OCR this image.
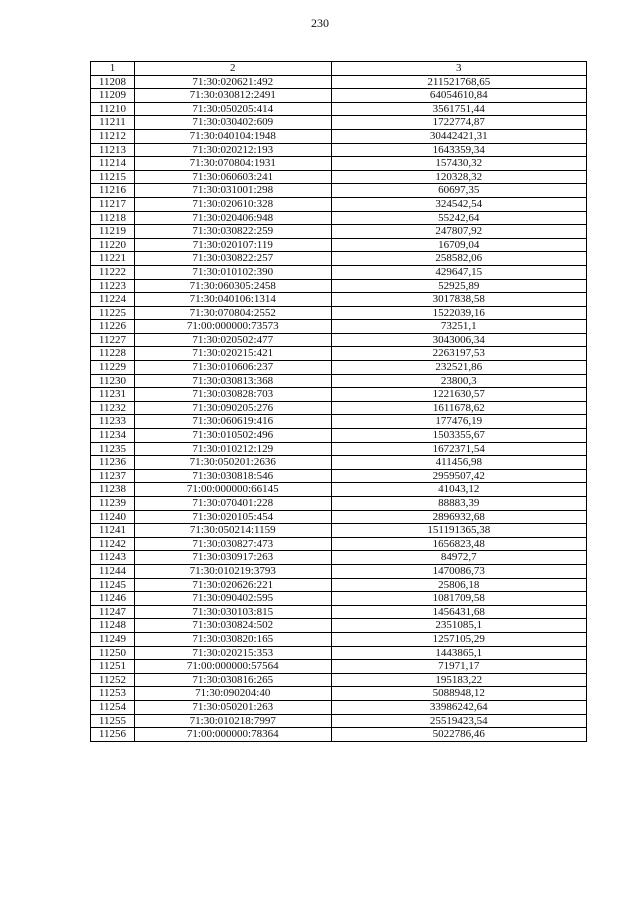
230
1	2	3
11208	71:30:020621:492	211521768,65
11209	71:30:030812:2491	64054610,84
11210	71:30:050205:414	3561751,44
11211	71:30:030402:609	1722774,87
11212	71:30:040104:1948	30442421,31
11213	71:30:020212:193	1643359,34
11214	71:30:070804:1931	157430,32
11215	71:30:060603:241	120328,32
11216	71:30:031001:298	60697,35
11217	71:30:020610:328	324542,54
11218	71:30:020406:948	55242,64
11219	71:30:030822:259	247807,92
11220	71:30:020107:119	16709,04
11221	71:30:030822:257	258582,06
11222	71:30:010102:390	429647,15
11223	71:30:060305:2458	52925,89
11224	71:30:040106:1314	3017838,58
11225	71:30:070804:2552	1522039,16
11226	71:00:000000:73573	73251,1
11227	71:30:020502:477	3043006,34
11228	71:30:020215:421	2263197,53
11229	71:30:010606:237	232521,86
11230	71:30:030813:368	23800,3
11231	71:30:030828:703	1221630,57
11232	71:30:090205:276	1611678,62
11233	71:30:060619:416	177476,19
11234	71:30:010502:496	1503355,67
11235	71:30:010212:129	1672371,54
11236	71:30:050201:2636	411456,98
11237	71:30:030818:546	2959507,42
11238	71:00:000000:66145	41043,12
11239	71:30:070401:228	88883,39
11240	71:30:020105:454	2896932,68
11241	71:30:050214:1159	151191365,38
11242	71:30:030827:473	1656823,48
11243	71:30:030917:263	84972,7
11244	71:30:010219:3793	1470086,73
11245	71:30:020626:221	25806,18
11246	71:30:090402:595	1081709,58
11247	71:30:030103:815	1456431,68
11248	71:30:030824:502	2351085,1
11249	71:30:030820:165	1257105,29
11250	71:30:020215:353	1443865,1
11251	71:00:000000:57564	71971,17
11252	71:30:030816:265	195183,22
11253	71:30:090204:40	5088948,12
11254	71:30:050201:263	33986242,64
11255	71:30:010218:7997	25519423,54
11256	71:00:000000:78364	5022786,46
